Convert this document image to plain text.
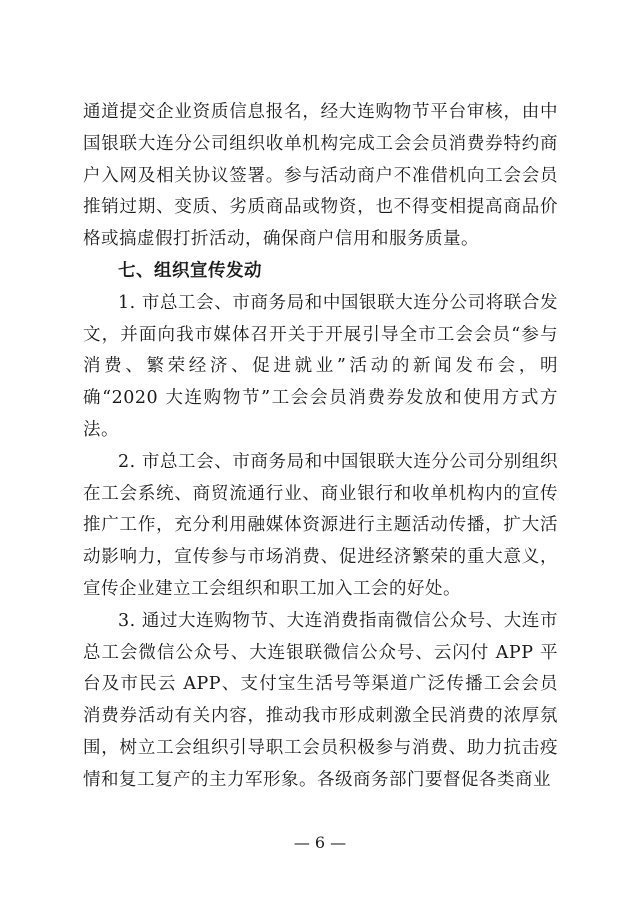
通道提交企业资质信息报名，经大连购物节平台审核，由中国银联大连分公司组织收单机构完成工会会员消费券特约商户入网及相关协议签署。参与活动商户不准借机向工会会员推销过期、变质、劣质商品或物资，也不得变相提高商品价格或搞虚假打折活动，确保商户信用和服务质量。

七、组织宣传发动

1. 市总工会、市商务局和中国银联大连分公司将联合发文，并面向我市媒体召开关于开展引导全市工会会员“参与消费、繁荣经济、促进就业”活动的新闻发布会，明确“2020 大连购物节”工会会员消费券发放和使用方式方法。

2. 市总工会、市商务局和中国银联大连分公司分别组织在工会系统、商贸流通行业、商业银行和收单机构内的宣传推广工作，充分利用融媒体资源进行主题活动传播，扩大活动影响力，宣传参与市场消费、促进经济繁荣的重大意义，宣传企业建立工会组织和职工加入工会的好处。

3. 通过大连购物节、大连消费指南微信公众号、大连市总工会微信公众号、大连银联微信公众号、云闪付 APP 平台及市民云 APP、支付宝生活号等渠道广泛传播工会会员消费券活动有关内容，推动我市形成刺激全民消费的浓厚氛围，树立工会组织引导职工会员积极参与消费、助力抗击疫情和复工复产的主力军形象。各级商务部门要督促各类商业

— 6 —
